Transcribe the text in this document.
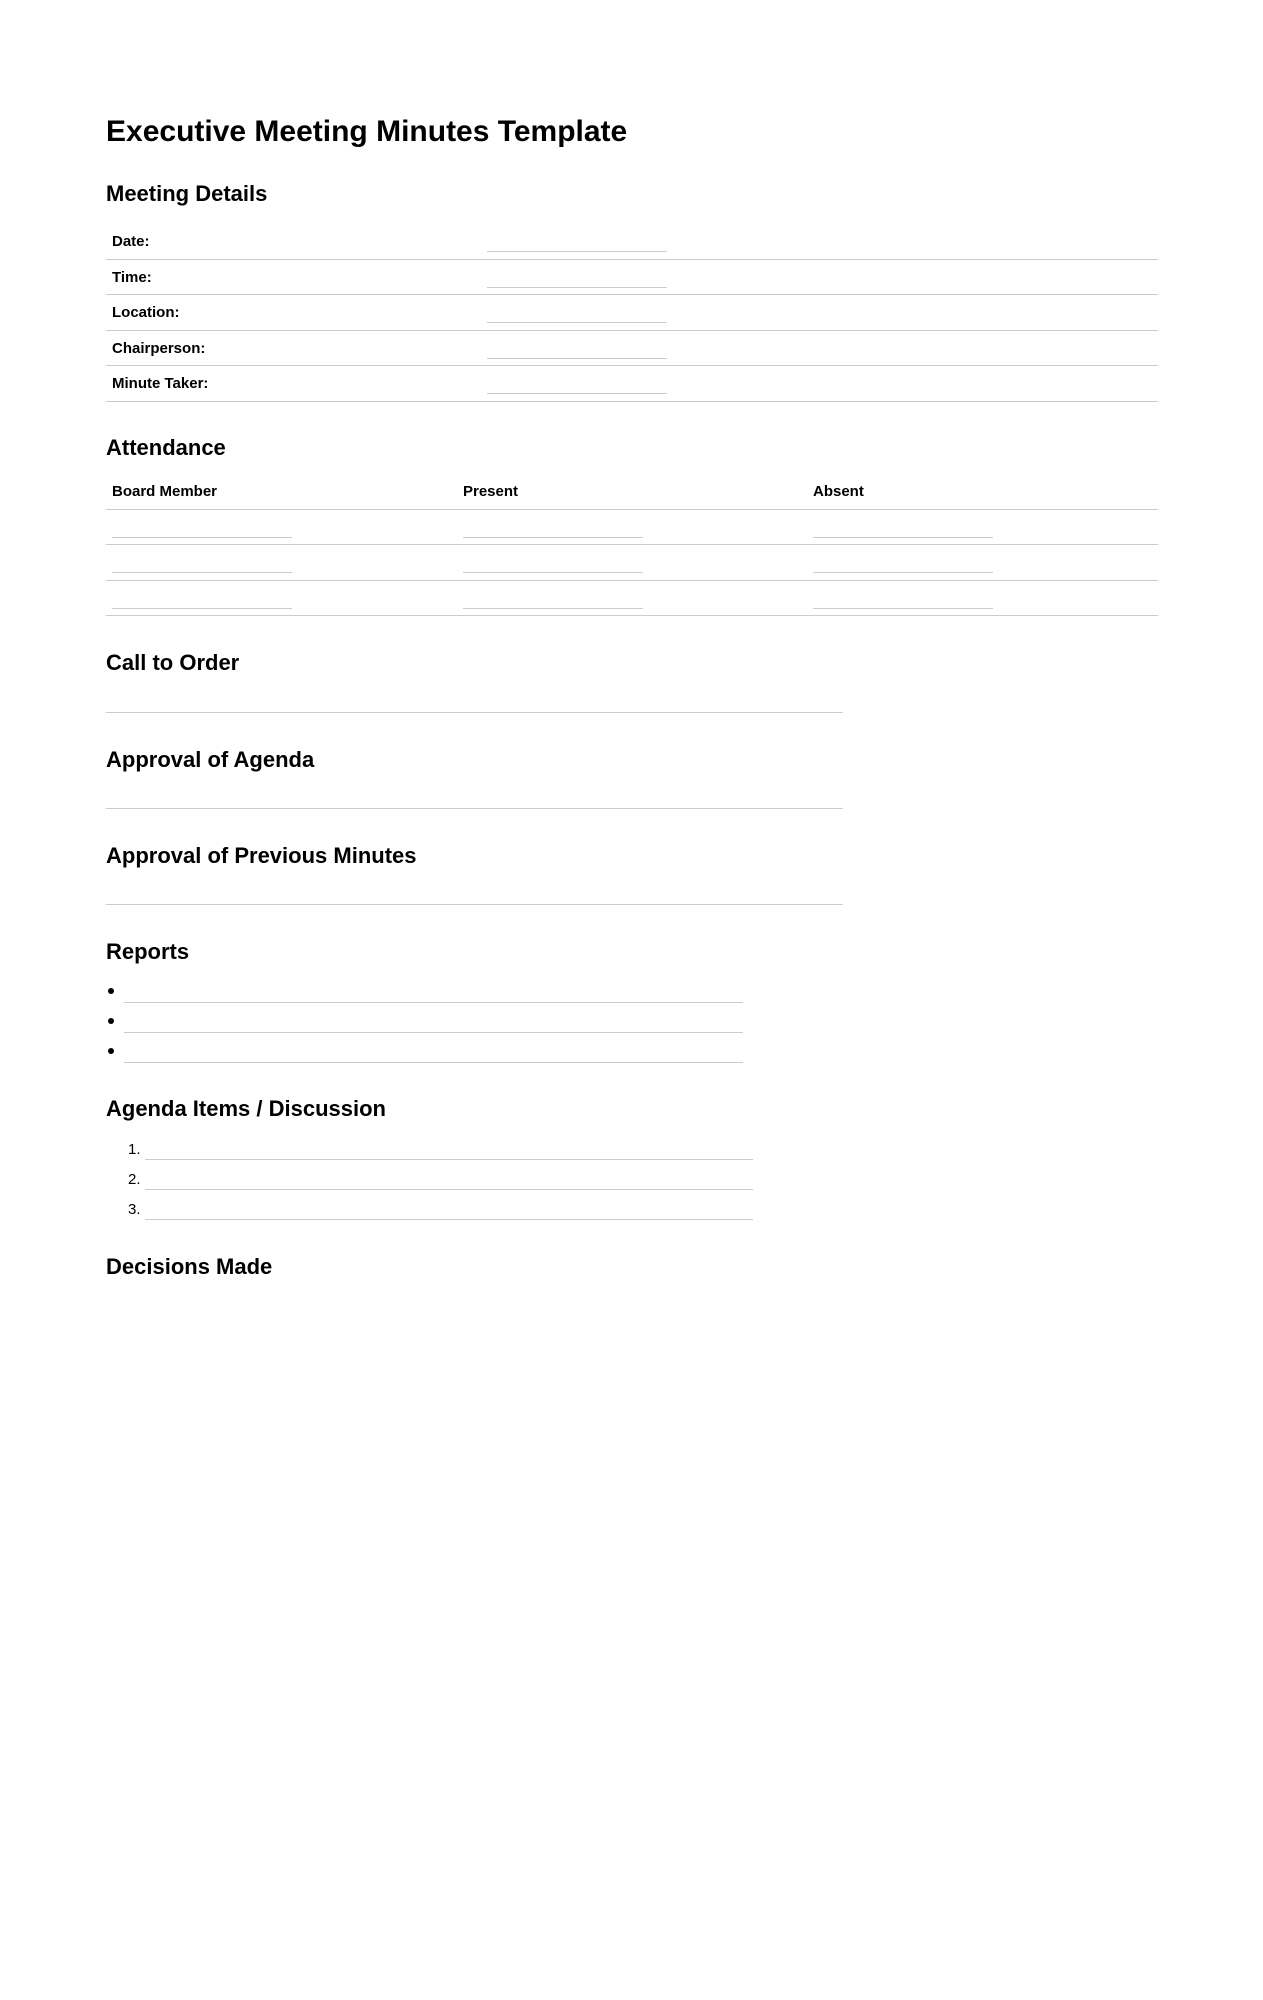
Executive Meeting Minutes Template
Meeting Details
Date:
Time:
Location:
Chairperson:
Minute Taker:
Attendance
Board Member	Present	Absent
Call to Order
Approval of Agenda
Approval of Previous Minutes
Reports
Agenda Items / Discussion
1.
2.
3.
Decisions Made
